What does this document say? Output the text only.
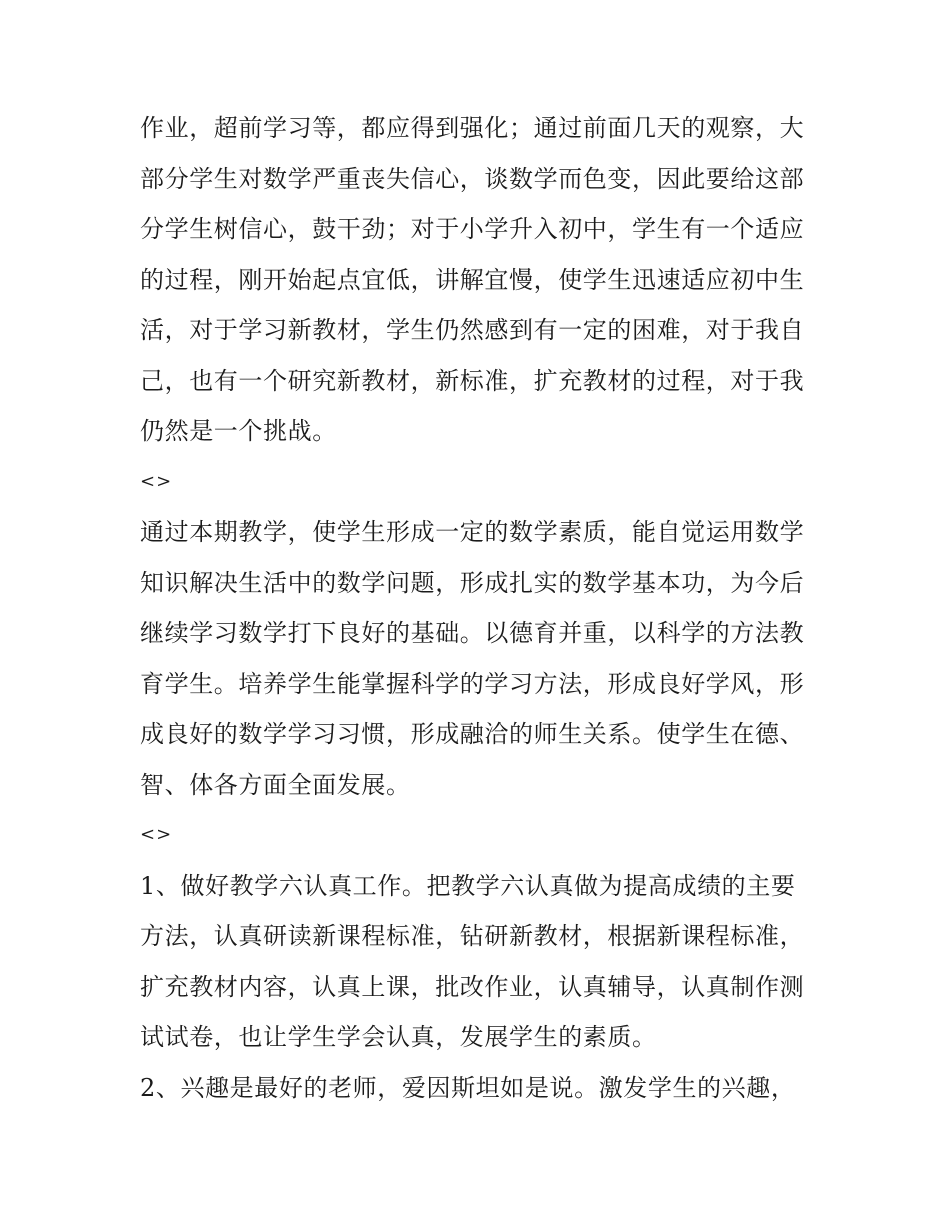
作业，超前学习等，都应得到强化；通过前面几天的观察，大部分学生对数学严重丧失信心，谈数学而色变，因此要给这部分学生树信心，鼓干劲；对于小学升入初中，学生有一个适应的过程，刚开始起点宜低，讲解宜慢，使学生迅速适应初中生活，对于学习新教材，学生仍然感到有一定的困难，对于我自己，也有一个研究新教材，新标准，扩充教材的过程，对于我仍然是一个挑战。

<>

通过本期教学，使学生形成一定的数学素质，能自觉运用数学知识解决生活中的数学问题，形成扎实的数学基本功，为今后继续学习数学打下良好的基础。以德育并重，以科学的方法教育学生。培养学生能掌握科学的学习方法，形成良好学风，形成良好的数学学习习惯，形成融洽的师生关系。使学生在德、智、体各方面全面发展。

<>

1、做好教学六认真工作。把教学六认真做为提高成绩的主要方法，认真研读新课程标准，钻研新教材，根据新课程标准，扩充教材内容，认真上课，批改作业，认真辅导，认真制作测试试卷，也让学生学会认真，发展学生的素质。

2、兴趣是最好的老师，爱因斯坦如是说。激发学生的兴趣，
